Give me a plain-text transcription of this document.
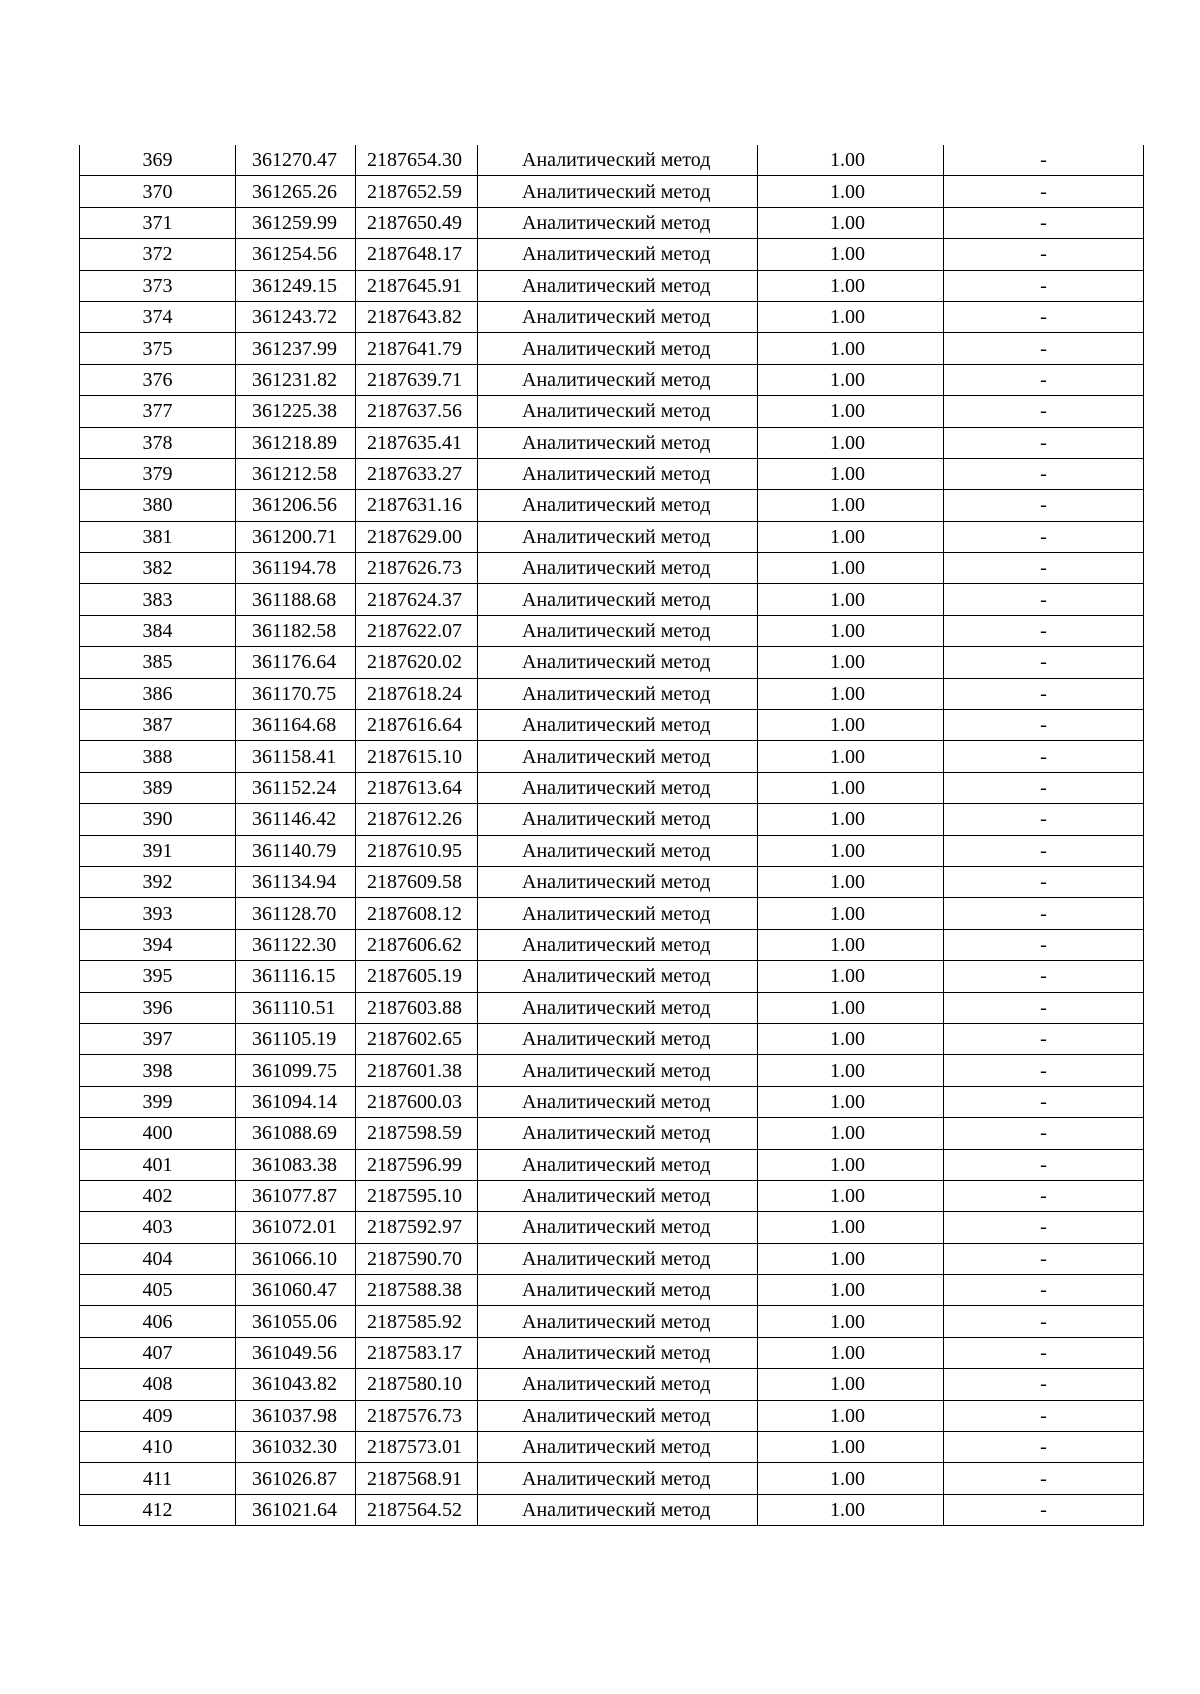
369	361270.47	2187654.30	Аналитический метод	1.00	-
370	361265.26	2187652.59	Аналитический метод	1.00	-
371	361259.99	2187650.49	Аналитический метод	1.00	-
372	361254.56	2187648.17	Аналитический метод	1.00	-
373	361249.15	2187645.91	Аналитический метод	1.00	-
374	361243.72	2187643.82	Аналитический метод	1.00	-
375	361237.99	2187641.79	Аналитический метод	1.00	-
376	361231.82	2187639.71	Аналитический метод	1.00	-
377	361225.38	2187637.56	Аналитический метод	1.00	-
378	361218.89	2187635.41	Аналитический метод	1.00	-
379	361212.58	2187633.27	Аналитический метод	1.00	-
380	361206.56	2187631.16	Аналитический метод	1.00	-
381	361200.71	2187629.00	Аналитический метод	1.00	-
382	361194.78	2187626.73	Аналитический метод	1.00	-
383	361188.68	2187624.37	Аналитический метод	1.00	-
384	361182.58	2187622.07	Аналитический метод	1.00	-
385	361176.64	2187620.02	Аналитический метод	1.00	-
386	361170.75	2187618.24	Аналитический метод	1.00	-
387	361164.68	2187616.64	Аналитический метод	1.00	-
388	361158.41	2187615.10	Аналитический метод	1.00	-
389	361152.24	2187613.64	Аналитический метод	1.00	-
390	361146.42	2187612.26	Аналитический метод	1.00	-
391	361140.79	2187610.95	Аналитический метод	1.00	-
392	361134.94	2187609.58	Аналитический метод	1.00	-
393	361128.70	2187608.12	Аналитический метод	1.00	-
394	361122.30	2187606.62	Аналитический метод	1.00	-
395	361116.15	2187605.19	Аналитический метод	1.00	-
396	361110.51	2187603.88	Аналитический метод	1.00	-
397	361105.19	2187602.65	Аналитический метод	1.00	-
398	361099.75	2187601.38	Аналитический метод	1.00	-
399	361094.14	2187600.03	Аналитический метод	1.00	-
400	361088.69	2187598.59	Аналитический метод	1.00	-
401	361083.38	2187596.99	Аналитический метод	1.00	-
402	361077.87	2187595.10	Аналитический метод	1.00	-
403	361072.01	2187592.97	Аналитический метод	1.00	-
404	361066.10	2187590.70	Аналитический метод	1.00	-
405	361060.47	2187588.38	Аналитический метод	1.00	-
406	361055.06	2187585.92	Аналитический метод	1.00	-
407	361049.56	2187583.17	Аналитический метод	1.00	-
408	361043.82	2187580.10	Аналитический метод	1.00	-
409	361037.98	2187576.73	Аналитический метод	1.00	-
410	361032.30	2187573.01	Аналитический метод	1.00	-
411	361026.87	2187568.91	Аналитический метод	1.00	-
412	361021.64	2187564.52	Аналитический метод	1.00	-
